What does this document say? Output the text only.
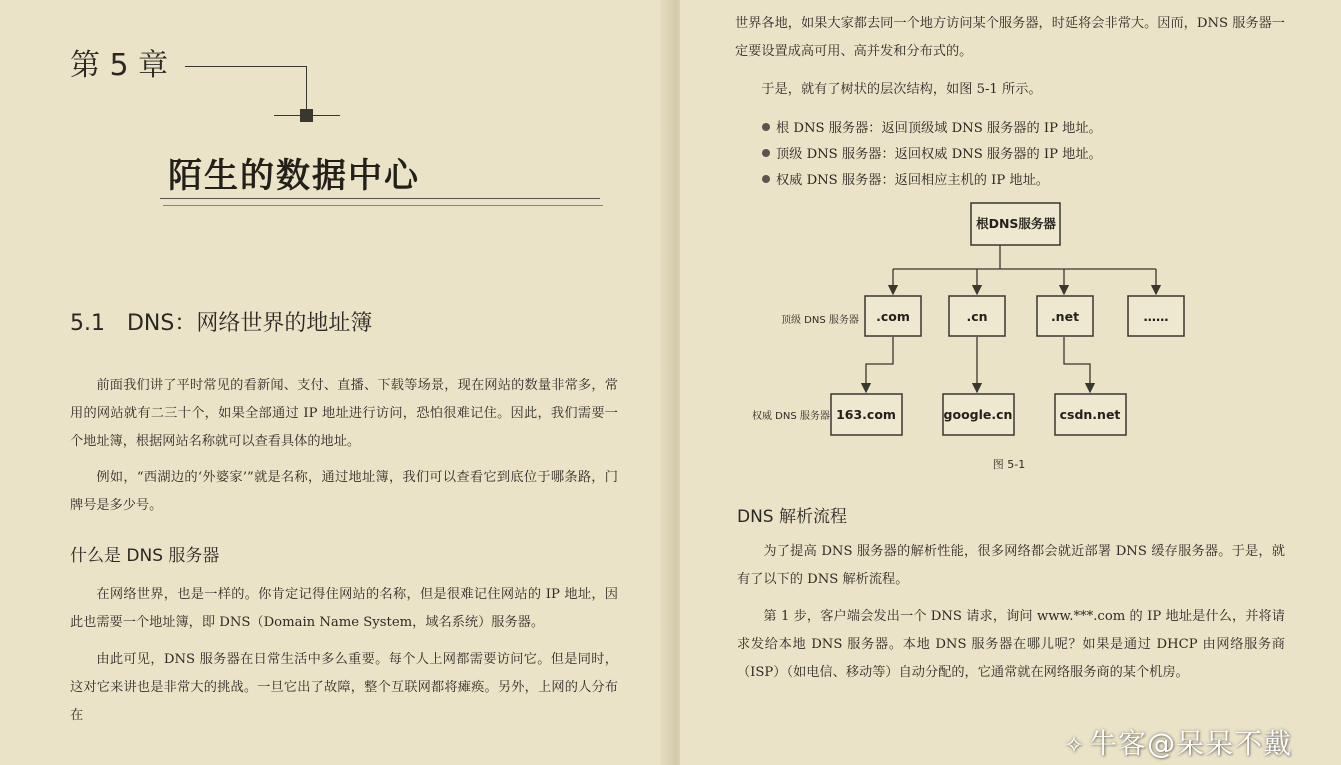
第 5 章
陌生的数据中心
5.1　DNS：网络世界的地址簿

前面我们讲了平时常见的看新闻、支付、直播、下载等场景，现在网站的数量非常多，常用的网站就有二三十个，如果全部通过 IP 地址进行访问，恐怕很难记住。因此，我们需要一个地址簿，根据网站名称就可以查看具体的地址。

例如，“西湖边的‘外婆家’”就是名称，通过地址簿，我们可以查看它到底位于哪条路，门牌号是多少号。

什么是 DNS 服务器

在网络世界，也是一样的。你肯定记得住网站的名称，但是很难记住网站的 IP 地址，因此也需要一个地址簿，即 DNS（Domain Name System，域名系统）服务器。

由此可见，DNS 服务器在日常生活中多么重要。每个人上网都需要访问它。但是同时，这对它来讲也是非常大的挑战。一旦它出了故障，整个互联网都将瘫痪。另外，上网的人分布在

世界各地，如果大家都去同一个地方访问某个服务器，时延将会非常大。因而，DNS 服务器一定要设置成高可用、高并发和分布式的。

于是，就有了树状的层次结构，如图 5-1 所示。

根 DNS 服务器：返回顶级域 DNS 服务器的 IP 地址。
顶级 DNS 服务器：返回权威 DNS 服务器的 IP 地址。
权威 DNS 服务器：返回相应主机的 IP 地址。
根DNS服务器
.com	.cn	.net	……
163.com	google.cn	csdn.net
顶级 DNS 服务器
权威 DNS 服务器
图 5-1
DNS 解析流程

为了提高 DNS 服务器的解析性能，很多网络都会就近部署 DNS 缓存服务器。于是，就有了以下的 DNS 解析流程。

第 1 步，客户端会发出一个 DNS 请求，询问 www.***.com 的 IP 地址是什么，并将请求发给本地 DNS 服务器。本地 DNS 服务器在哪儿呢？如果是通过 DHCP 由网络服务商（ISP）（如电信、移动等）自动分配的，它通常就在网络服务商的某个机房。

✧ 牛客@呆呆不戴
